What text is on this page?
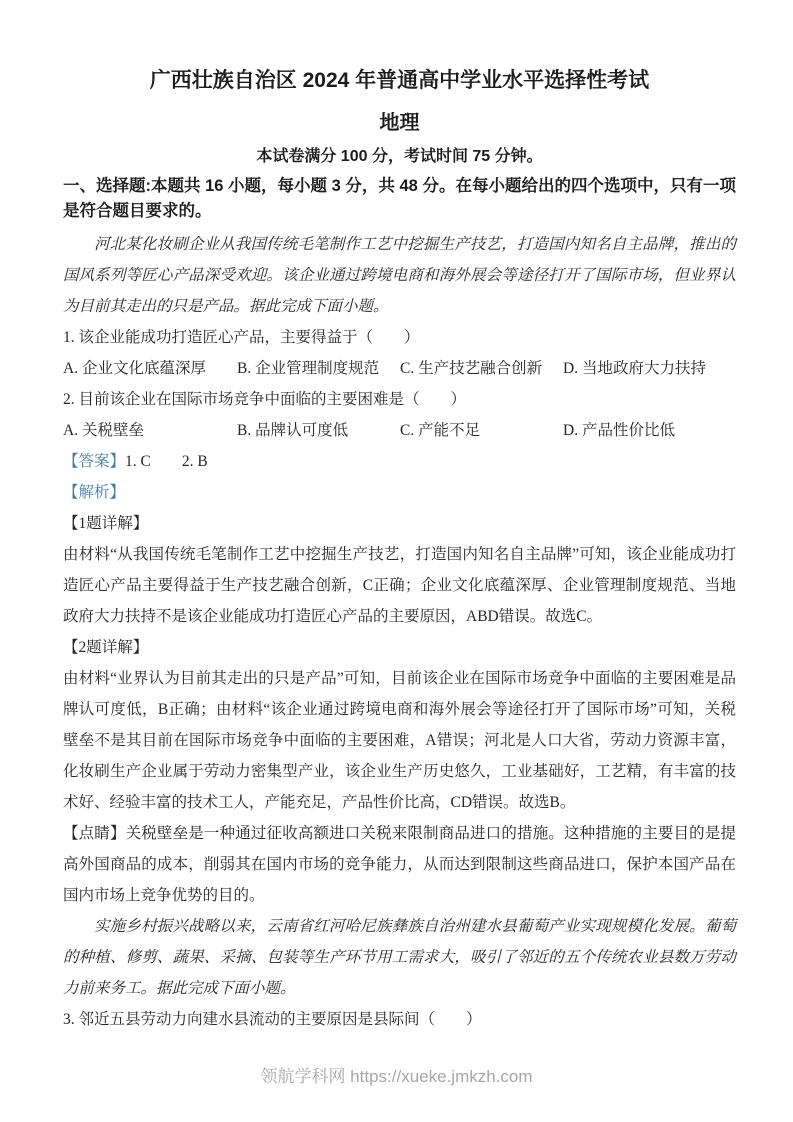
广西壮族自治区 2024 年普通高中学业水平选择性考试
地理
本试卷满分 100 分，考试时间 75 分钟。
一、选择题:本题共 16 小题，每小题 3 分，共 48 分。在每小题给出的四个选项中，只有一项是符合题目要求的。

河北某化妆刷企业从我国传统毛笔制作工艺中挖掘生产技艺，打造国内知名自主品牌，推出的国风系列等匠心产品深受欢迎。该企业通过跨境电商和海外展会等途径打开了国际市场，但业界认为目前其走出的只是产品。据此完成下面小题。

1. 该企业能成功打造匠心产品，主要得益于（　　）

A. 企业文化底蕴深厚	B. 企业管理制度规范	C. 生产技艺融合创新	D. 当地政府大力扶持

2. 目前该企业在国际市场竞争中面临的主要困难是（　　）

A. 关税壁垒	B. 品牌认可度低	C. 产能不足	D. 产品性价比低

【答案】1. C　　2. B

【解析】

【1题详解】

由材料“从我国传统毛笔制作工艺中挖掘生产技艺，打造国内知名自主品牌”可知，该企业能成功打造匠心产品主要得益于生产技艺融合创新，C正确；企业文化底蕴深厚、企业管理制度规范、当地政府大力扶持不是该企业能成功打造匠心产品的主要原因，ABD错误。故选C。

【2题详解】

由材料“业界认为目前其走出的只是产品”可知，目前该企业在国际市场竞争中面临的主要困难是品牌认可度低，B正确；由材料“该企业通过跨境电商和海外展会等途径打开了国际市场”可知，关税壁垒不是其目前在国际市场竞争中面临的主要困难，A错误；河北是人口大省，劳动力资源丰富，化妆刷生产企业属于劳动力密集型产业，该企业生产历史悠久，工业基础好，工艺精，有丰富的技术好、经验丰富的技术工人，产能充足，产品性价比高，CD错误。故选B。

【点睛】关税壁垒是一种通过征收高额进口关税来限制商品进口的措施。这种措施的主要目的是提高外国商品的成本，削弱其在国内市场的竞争能力，从而达到限制这些商品进口，保护本国产品在国内市场上竞争优势的目的。

实施乡村振兴战略以来，云南省红河哈尼族彝族自治州建水县葡萄产业实现规模化发展。葡萄的种植、修剪、蔬果、采摘、包装等生产环节用工需求大，吸引了邻近的五个传统农业县数万劳动力前来务工。据此完成下面小题。

3. 邻近五县劳动力向建水县流动的主要原因是县际间（　　）

领航学科网 https://xueke.jmkzh.com
